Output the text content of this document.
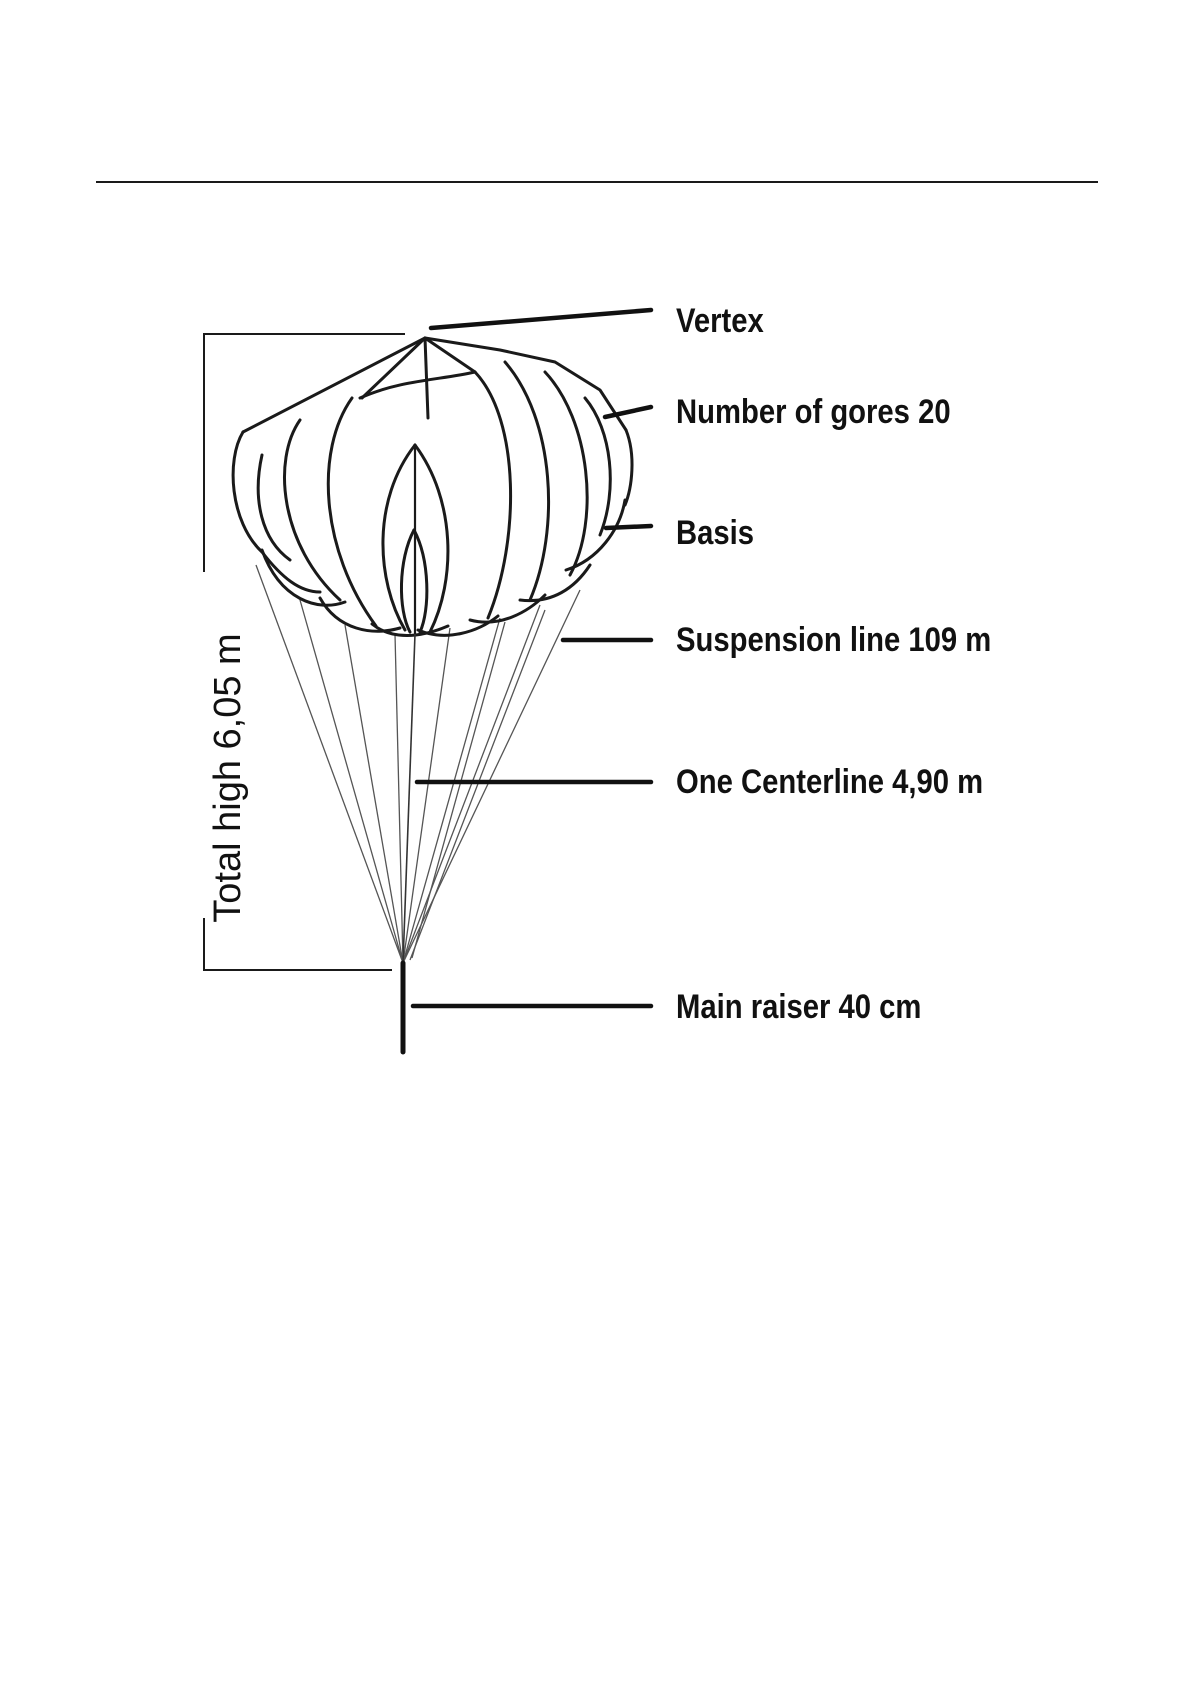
Vertex
Number of gores 20
Basis
Suspension line 109 m
One Centerline 4,90 m
Main raiser 40 cm
Total high 6,05 m
